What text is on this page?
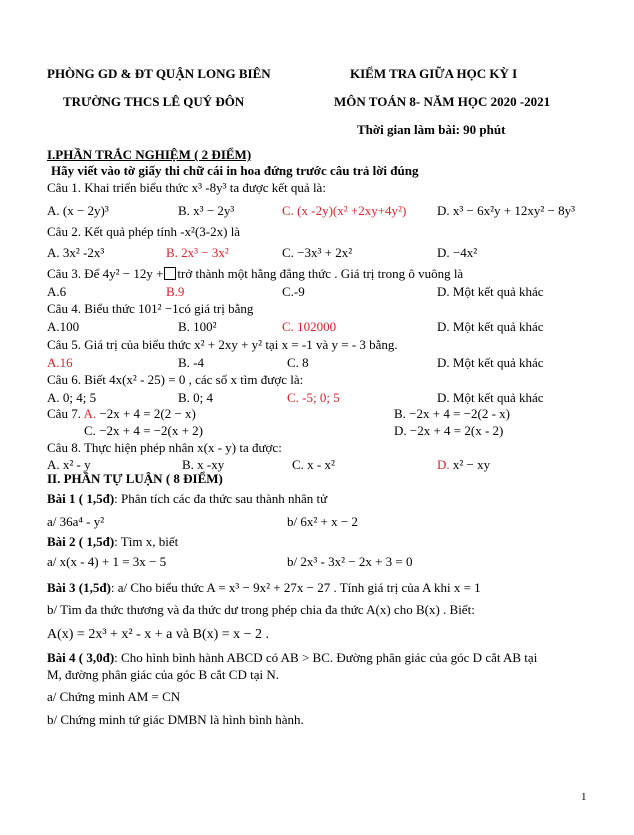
PHÒNG GD & ĐT QUẬN LONG BIÊN
TRƯỜNG THCS LÊ QUÝ ĐÔN
KIỂM TRA GIỮA HỌC KỲ I
MÔN TOÁN 8- NĂM HỌC 2020 -2021
Thời gian làm bài: 90 phút
I.PHẦN TRẮC NGHIỆM ( 2 ĐIỂM)
Hãy viết vào tờ giấy thi chữ cái in hoa đứng trước câu trả lời đúng
Câu 1. Khai triển biểu thức x³ -8y³ ta được kết quả là:
A. (x − 2y)³	B. x³ − 2y³	C. (x -2y)(x² +2xy+4y²) D. x³ − 6x²y + 12xy² − 8y³
Câu 2. Kết quả phép tính -x²(3-2x) là
A. 3x² -2x³	B. 2x³ − 3x²	C. −3x³ + 2x²	D. −4x²
Câu 3. Để 4y² − 12y + trở thành một hằng đẳng thức . Giá trị trong ô vuông là
A.6	B.9	C.-9	D. Một kết quả khác
Câu 4. Biểu thức 101² −1có giá trị bằng
A.100	B. 100²	C. 102000	D. Một kết quả khác
Câu 5. Giá trị của biểu thức x² + 2xy + y² tại x = -1 và y = - 3 bằng.
A.16	B. -4	C. 8	D. Một kết quả khác
Câu 6. Biết 4x(x² - 25) = 0 , các số x tìm được là:
A. 0; 4; 5	B. 0; 4	C. -5; 0; 5	D. Một kết quả khác
Câu 7. A. −2x + 4 = 2(2 − x)	B. −2x + 4 = −2(2 - x)
C. −2x + 4 = −2(x + 2)	D. −2x + 4 = 2(x - 2)
Câu 8. Thực hiện phép nhân x(x - y) ta được:
A. x² - y	B. x -xy	C. x - x²	D. x² − xy
II. PHẦN TỰ LUẬN ( 8 ĐIỂM)
Bài 1 ( 1,5đ): Phân tích các đa thức sau thành nhân tử
a/ 36a⁴ - y²	b/ 6x² + x − 2
Bài 2 ( 1,5đ): Tìm x, biết
a/ x(x - 4) + 1 = 3x − 5	b/ 2x³ - 3x² − 2x + 3 = 0
Bài 3 (1,5đ): a/ Cho biểu thức A = x³ − 9x² + 27x − 27 . Tính giá trị của A khi x = 1
b/ Tìm đa thức thương và đa thức dư trong phép chia đa thức A(x) cho B(x) . Biết:
A(x) = 2x³ + x² - x + a và B(x) = x − 2 .
Bài 4 ( 3,0đ): Cho hình bình hành ABCD có AB > BC. Đường phân giác của góc D cắt AB tại
M, đường phân giác của góc B cắt CD tại N.
a/ Chứng minh AM = CN
b/ Chứng minh tứ giác DMBN là hình bình hành.
1
